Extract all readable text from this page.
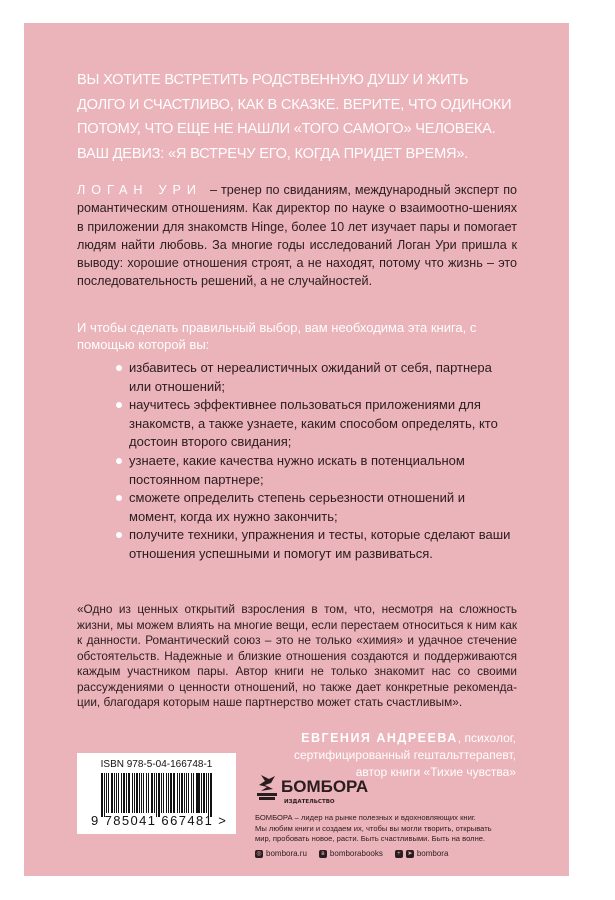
ВЫ ХОТИТЕ ВСТРЕТИТЬ РОДСТВЕННУЮ ДУШУ И ЖИТЬ
ДОЛГО И СЧАСТЛИВО, КАК В СКАЗКЕ. ВЕРИТЕ, ЧТО ОДИНОКИ
ПОТОМУ, ЧТО ЕЩЕ НЕ НАШЛИ «ТОГО САМОГО» ЧЕЛОВЕКА.
ВАШ ДЕВИЗ: «Я ВСТРЕЧУ ЕГО, КОГДА ПРИДЕТ ВРЕМЯ».
ЛОГАН УРИ – тренер по свиданиям, международный эксперт по романтическим отношениям. Как директор по науке о взаимоотно-шениях в приложении для знакомств Hinge, более 10 лет изучает пары и помогает людям найти любовь. За многие годы исследований Логан Ури пришла к выводу: хорошие отношения строят, а не находят, потому что жизнь – это последовательность решений, а не случайностей.
И чтобы сделать правильный выбор, вам необходима эта книга, с помощью которой вы:
избавитесь от нереалистичных ожиданий от себя, партнера или отношений;
научитесь эффективнее пользоваться приложениями для знакомств, а также узнаете, каким способом определять, кто достоин второго свидания;
узнаете, какие качества нужно искать в потенциальном постоянном партнере;
сможете определить степень серьезности отношений и момент, когда их нужно закончить;
получите техники, упражнения и тесты, которые сделают ваши отношения успешными и помогут им развиваться.
«Одно из ценных открытий взросления в том, что, несмотря на сложность жизни, мы можем влиять на многие вещи, если перестаем относиться к ним как к данности. Романтический союз – это не только «химия» и удачное стечение обстоятельств. Надежные и близкие отношения создаются и поддерживаются каждым участником пары. Автор книги не только знакомит нас со своими рассуждениями о ценности отношений, но также дает конкретные рекоменда-ции, благодаря которым наше партнерство может стать счастливым».
ЕВГЕНИЯ АНДРЕЕВА, психолог,
сертифицированный гештальттерапевт,
автор книги «Тихие чувства»
ISBN 978-5-04-166748-1
9 785041 667481 >
БОМБОРА
ИЗДАТЕЛЬСТВО
БОМБОРА – лидер на рынке полезных и вдохновляющих книг.
Мы любим книги и создаем их, чтобы вы могли творить, открывать
мир, пробовать новое, расти. Быть счастливыми. Быть на волне.
◎ bombora.ru	в bomborabooks	+	➤ bombora
